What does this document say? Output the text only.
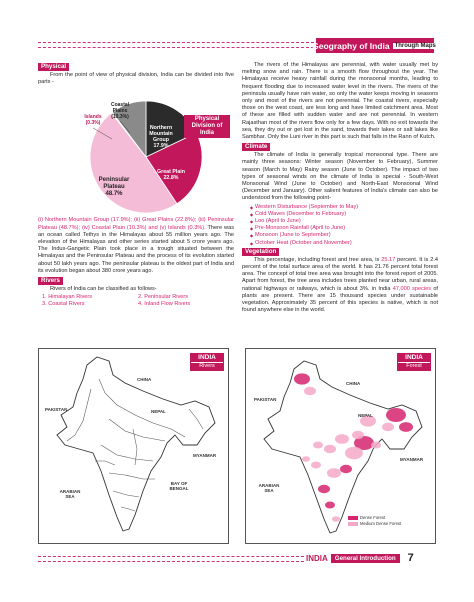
Geography of India Through Maps
Physical
From the point of view of physical division, India can be divided into five parts -
Islands
(0.3%)
Coastal
Plains
(10.3%)
Northern
Mountain
Group
17.9%
Great Plain
22.8%
Peninsular
Plateau
48.7%
Physical Division of India
(i) Northern Mountain Group (17.9%); (ii) Great Plains (22.8%); (iii) Peninsular Plateau (48.7%); (iv) Coastal Plain (10.3%) and (v) Islands (0.3%). There was an ocean called Tethys in the Himalayas about 55 million years ago. The elevation of the Himalayas and other series started about 5 crore years ago. The Indus-Gangetic Plain took place in a trough situated between the Himalayas and the Peninsular Plateau and the process of its evolution started about 50 lakh years ago. The peninsular plateau is the oldest part of India and its evolution began about 380 crore years ago.
Rivers
Rivers of India can be classified as follows-
1. Himalayan Rivers	2. Peninsular Rivers
3. Coastal Rivers	4. Inland Flow Rivers
The rivers of the Himalayas are perennial, with water usually met by melting snow and rain. There is a smooth flow throughout the year. The Himalayas receive heavy rainfall during the monsoonal months, leading to frequent flooding due to increased water level in the rivers. The rivers of the peninsula usually have rain water, so only the water keeps moving in seasons only and most of the rivers are not perennial. The coastal rivers, especially those on the west coast, are less long and have limited catchment area. Most of these are filled with sudden water and are not perennial. In western Rajasthan most of the rivers flow only for a few days. With no exit towards the sea, they dry out or get lost in the sand, towards their lakes or salt lakes like Sambhar. Only the Luni river in this part is such that falls in the Rann of Kutch.
Climate
The climate of India is generally tropical monsoonal type. There are mainly three seasons: Winter season (November to February), Summer season (March to May) Rainy season (June to October). The impact of two types of seasonal winds on the climate of India is special - South-West Monsoonal Wind (June to October) and North-East Monsoonal Wind (December and January). Other salient features of India's climate can also be understood from the following point-
◆ Western Disturbance (September to May)
◆ Cold Waves (December to February)
◆ Loo (April to June)
◆ Pre-Monsoon Rainfall (April to June)
◆ Monsoon (June to September)
◆ October Heat (October and November)
Vegetation
This percentage, including forest and tree area, is 25.17 percent. It is 2.4 percent of the total surface area of the world. It has 21.76 percent total forest area. The concept of total tree area was brought into the forest report of 2005. Apart from forest, the tree area includes trees planted near urban, rural areas, national highways or railways, which is about 3%. in India 47,000 species of plants are present. There are 15 thousand species under sustainable vegetation. Approximately 35 percent of this species is native, which is not found anywhere else in the world.
INDIA
Rivers
CHINA
NEPAL
PAKISTAN
ARABIAN SEA
BAY OF BENGAL
MYANMAR
INDIA
Forest
CHINA
NEPAL
PAKISTAN
ARABIAN SEA
MYANMAR
Dense Forest
Medium Dense Forest
INDIA	General Introduction	7
